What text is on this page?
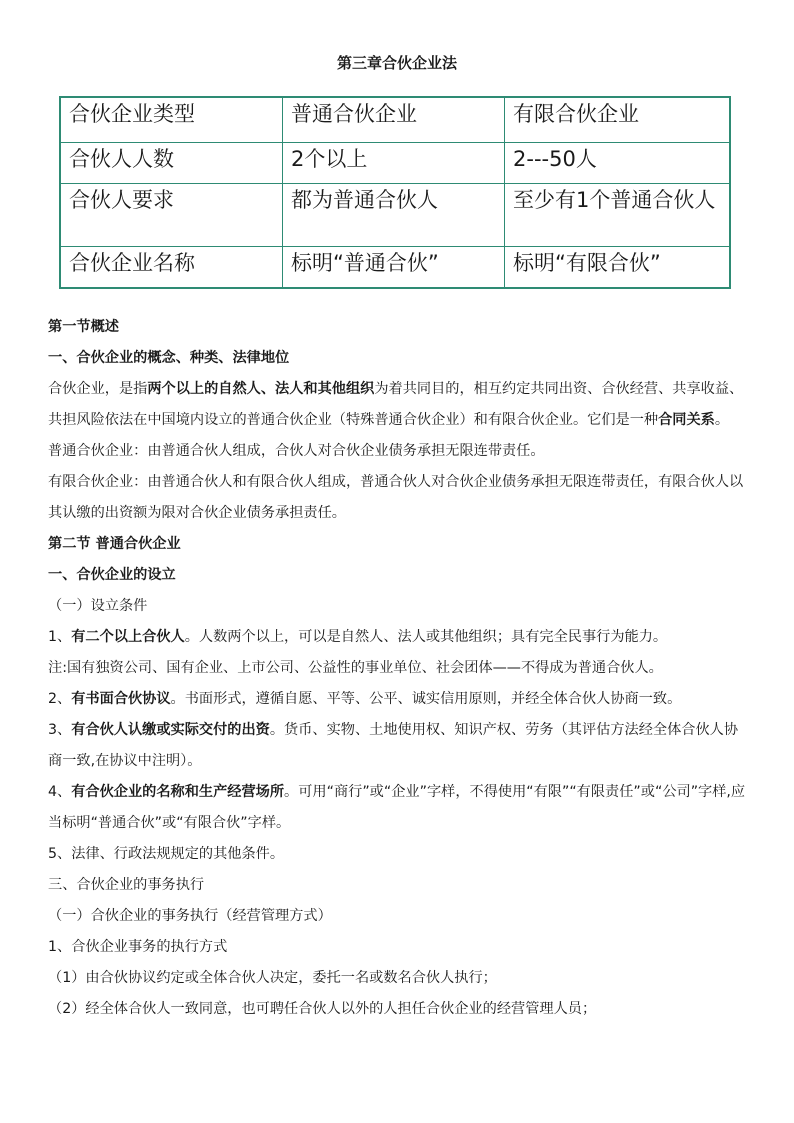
第三章合伙企业法
合伙企业类型	普通合伙企业	有限合伙企业
合伙人人数	2个以上	2---50人
合伙人要求	都为普通合伙人	至少有1个普通合伙人
合伙企业名称	标明“普通合伙”	标明“有限合伙”

第一节概述

一、合伙企业的概念、种类、法律地位

合伙企业，是指两个以上的自然人、法人和其他组织为着共同目的，相互约定共同出资、合伙经营、共享收益、共担风险依法在中国境内设立的普通合伙企业（特殊普通合伙企业）和有限合伙企业。它们是一种合同关系。

普通合伙企业：由普通合伙人组成，合伙人对合伙企业债务承担无限连带责任。

有限合伙企业：由普通合伙人和有限合伙人组成，普通合伙人对合伙企业债务承担无限连带责任，有限合伙人以其认缴的出资额为限对合伙企业债务承担责任。

第二节 普通合伙企业

一、合伙企业的设立

（一）设立条件

1、有二个以上合伙人。人数两个以上，可以是自然人、法人或其他组织；具有完全民事行为能力。

注:国有独资公司、国有企业、上市公司、公益性的事业单位、社会团体——不得成为普通合伙人。

2、有书面合伙协议。书面形式，遵循自愿、平等、公平、诚实信用原则，并经全体合伙人协商一致。

3、有合伙人认缴或实际交付的出资。货币、实物、土地使用权、知识产权、劳务（其评估方法经全体合伙人协商一致,在协议中注明）。

4、有合伙企业的名称和生产经营场所。可用“商行”或“企业”字样，不得使用“有限”“有限责任”或“公司”字样,应当标明“普通合伙”或“有限合伙”字样。

5、法律、行政法规规定的其他条件。

三、合伙企业的事务执行

（一）合伙企业的事务执行（经营管理方式）

1、合伙企业事务的执行方式

（1）由合伙协议约定或全体合伙人决定，委托一名或数名合伙人执行；

（2）经全体合伙人一致同意，也可聘任合伙人以外的人担任合伙企业的经营管理人员；
